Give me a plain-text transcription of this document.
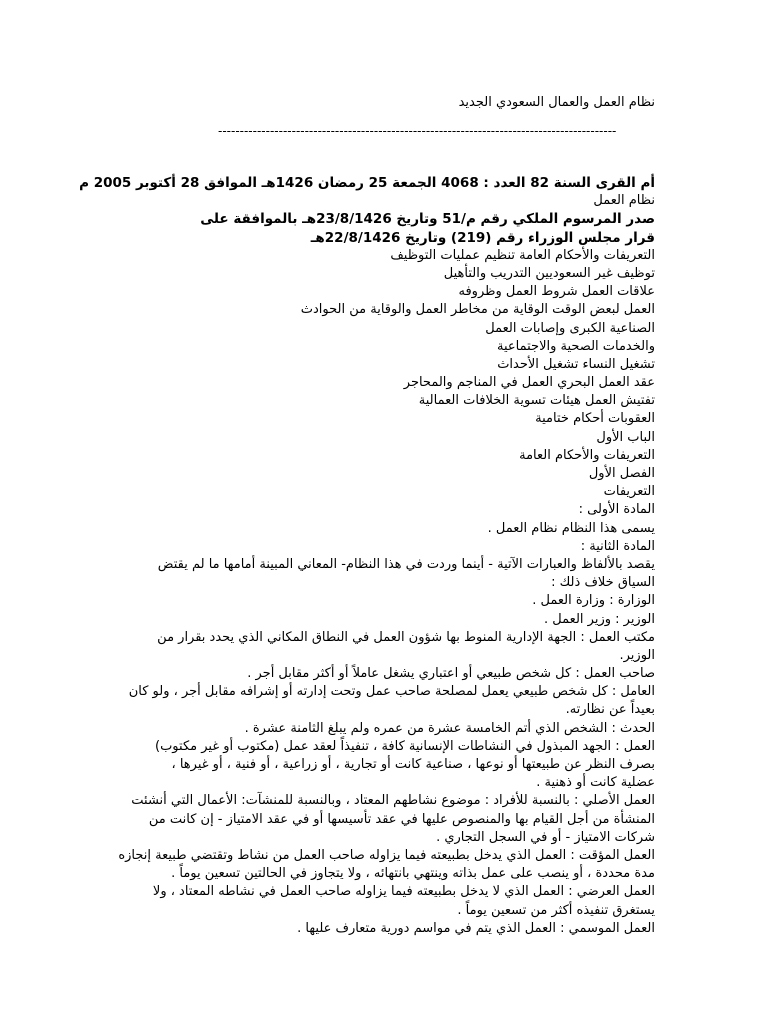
نظام العمل والعمال السعودي الجديد
--------------------------------------------------------------------------------------------
أم القرى السنة 82 العدد : 4068 الجمعة 25 رمضان 1426هـ الموافق 28 أكتوبر 2005 م
نظام العمل
صدر المرسوم الملكي رقم م/51 وتاريخ 23/8/1426هـ بالموافقة على
قرار مجلس الوزراء رقم (219) وتاريخ 22/8/1426هـ
التعريفات والأحكام العامة تنظيم عمليات التوظيف
توظيف غير السعوديين التدريب والتأهيل
علاقات العمل شروط العمل وظروفه
العمل لبعض الوقت الوقاية من مخاطر العمل والوقاية من الحوادث
الصناعية الكبرى وإصابات العمل
والخدمات الصحية والاجتماعية
تشغيل النساء تشغيل الأحداث
عقد العمل البحري العمل في المناجم والمحاجر
تفتيش العمل هيئات تسوية الخلافات العمالية
العقوبات أحكام ختامية
الباب الأول
التعريفات والأحكام العامة
الفصل الأول
التعريفات
المادة الأولى :
يسمى هذا النظام نظام العمل .
المادة الثانية :
يقصد بالألفاظ والعبارات الآتية - أينما وردت في هذا النظام- المعاني المبينة أمامها ما لم يقتض
السياق خلاف ذلك :
الوزارة : وزارة العمل .
الوزير : وزير العمل .
مكتب العمل : الجهة الإدارية المنوط بها شؤون العمل في النطاق المكاني الذي يحدد بقرار من
الوزير.
صاحب العمل : كل شخص طبيعي أو اعتباري يشغل عاملاً أو أكثر مقابل أجر .
العامل : كل شخص طبيعي يعمل لمصلحة صاحب عمل وتحت إدارته أو إشرافه مقابل أجر ، ولو كان
بعيداً عن نظارته.
الحدث : الشخص الذي أتم الخامسة عشرة من عمره ولم يبلغ الثامنة عشرة .
العمل : الجهد المبذول في النشاطات الإنسانية كافة ، تنفيذاً لعقد عمل (مكتوب أو غير مكتوب)
بصرف النظر عن طبيعتها أو نوعها ، صناعية كانت أو تجارية ، أو زراعية ، أو فنية ، أو غيرها ،
عضلية كانت أو ذهنية .
العمل الأصلي : بالنسبة للأفراد : موضوع نشاطهم المعتاد ، وبالنسبة للمنشآت: الأعمال التي أنشئت
المنشأة من أجل القيام بها والمنصوص عليها في عقد تأسيسها أو في عقد الامتياز - إن كانت من
شركات الامتياز - أو في السجل التجاري .
العمل المؤقت : العمل الذي يدخل بطبيعته فيما يزاوله صاحب العمل من نشاط وتقتضي طبيعة إنجازه
مدة محددة ، أو ينصب على عمل بذاته وينتهي بانتهائه ، ولا يتجاوز في الحالتين تسعين يوماً .
العمل العرضي : العمل الذي لا يدخل بطبيعته فيما يزاوله صاحب العمل في نشاطه المعتاد ، ولا
يستغرق تنفيذه أكثر من تسعين يوماً .
العمل الموسمي : العمل الذي يتم في مواسم دورية متعارف عليها .
